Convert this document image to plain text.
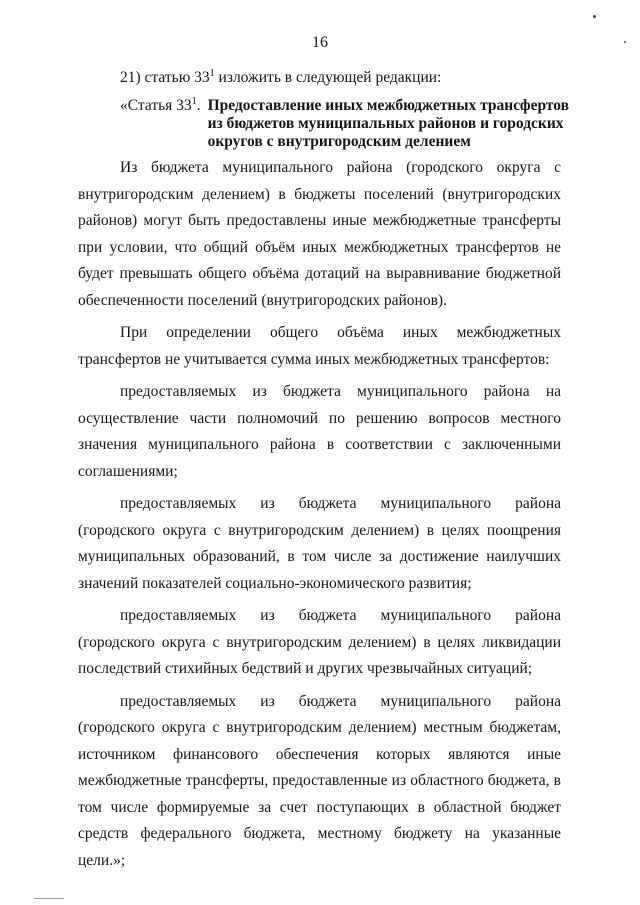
16
21) статью $33^1$ изложить в следующей редакции:
«Статья $33^1$. Предоставление иных межбюджетных трансфертов из бюджетов муниципальных районов и городских округов с внутригородским делением

Из бюджета муниципального района (городского округа с внутригородским делением) в бюджеты поселений (внутригородских районов) могут быть предоставлены иные межбюджетные трансферты при условии, что общий объём иных межбюджетных трансфертов не будет превышать общего объёма дотаций на выравнивание бюджетной обеспеченности поселений (внутригородских районов).

При определении общего объёма иных межбюджетных трансфертов не учитывается сумма иных межбюджетных трансфертов:

предоставляемых из бюджета муниципального района на осуществление части полномочий по решению вопросов местного значения муниципального района в соответствии с заключенными соглашениями;

предоставляемых из бюджета муниципального района (городского округа с внутригородским делением) в целях поощрения муниципальных образований, в том числе за достижение наилучших значений показателей социально-экономического развития;

предоставляемых из бюджета муниципального района (городского округа с внутригородским делением) в целях ликвидации последствий стихийных бедствий и других чрезвычайных ситуаций;

предоставляемых из бюджета муниципального района (городского округа с внутригородским делением) местным бюджетам, источником финансового обеспечения которых являются иные межбюджетные трансферты, предоставленные из областного бюджета, в том числе формируемые за счет поступающих в областной бюджет средств федерального бюджета, местному бюджету на указанные цели.»;
